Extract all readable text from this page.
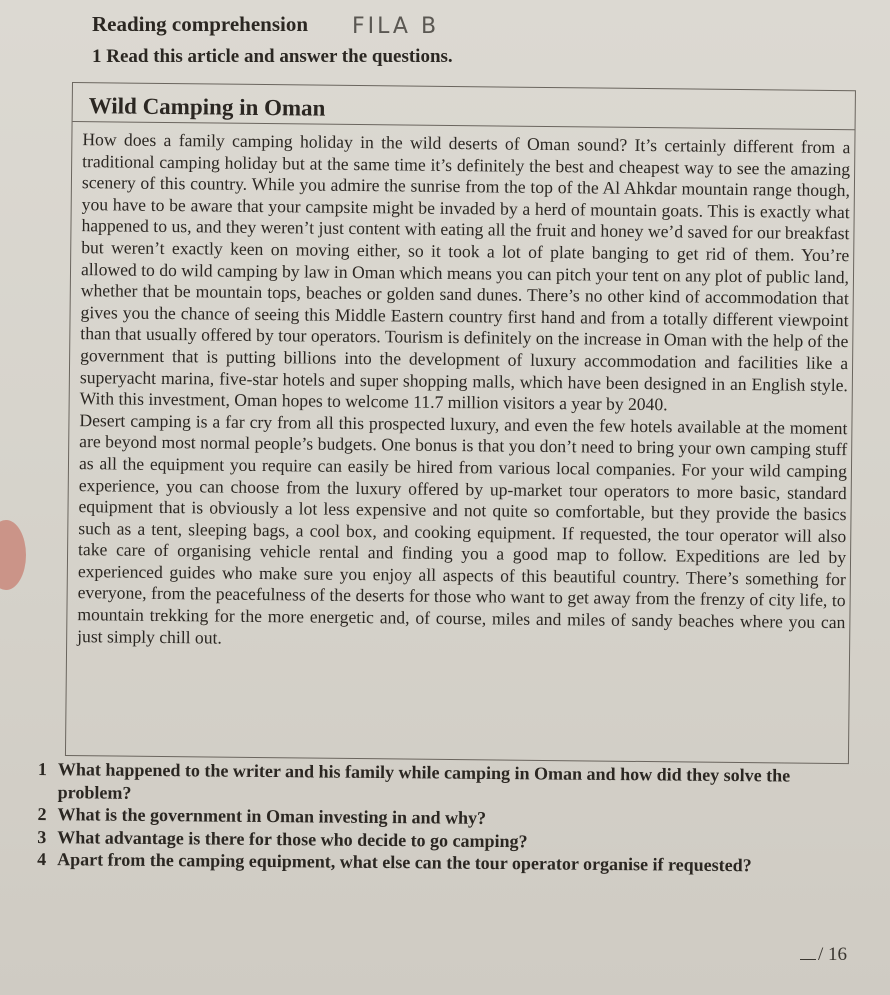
Reading comprehension FILA B
1 Read this article and answer the questions.
Wild Camping in Oman

How does a family camping holiday in the wild deserts of Oman sound? It’s certainly different from a traditional camping holiday but at the same time it’s definitely the best and cheapest way to see the amazing scenery of this country. While you admire the sunrise from the top of the Al Ahkdar mountain range though, you have to be aware that your campsite might be invaded by a herd of mountain goats. This is exactly what happened to us, and they weren’t just content with eating all the fruit and honey we’d saved for our breakfast but weren’t exactly keen on moving either, so it took a lot of plate banging to get rid of them. You’re allowed to do wild camping by law in Oman which means you can pitch your tent on any plot of public land, whether that be mountain tops, beaches or golden sand dunes. There’s no other kind of accommodation that gives you the chance of seeing this Middle Eastern country first hand and from a totally different viewpoint than that usually offered by tour operators. Tourism is definitely on the increase in Oman with the help of the government that is putting billions into the development of luxury accommodation and facilities like a superyacht marina, five-star hotels and super shopping malls, which have been designed in an English style. With this investment, Oman hopes to welcome 11.7 million visitors a year by 2040.

Desert camping is a far cry from all this prospected luxury, and even the few hotels available at the moment are beyond most normal people’s budgets. One bonus is that you don’t need to bring your own camping stuff as all the equipment you require can easily be hired from various local companies. For your wild camping experience, you can choose from the luxury offered by up-market tour operators to more basic, standard equipment that is obviously a lot less expensive and not quite so comfortable, but they provide the basics such as a tent, sleeping bags, a cool box, and cooking equipment. If requested, the tour operator will also take care of organising vehicle rental and finding you a good map to follow. Expeditions are led by experienced guides who make sure you enjoy all aspects of this beautiful country. There’s something for everyone, from the peacefulness of the deserts for those who want to get away from the frenzy of city life, to mountain trekking for the more energetic and, of course, miles and miles of sandy beaches where you can just simply chill out.

1 What happened to the writer and his family while camping in Oman and how did they solve the problem?
2 What is the government in Oman investing in and why?
3 What advantage is there for those who decide to go camping?
4 Apart from the camping equipment, what else can the tour operator organise if requested?
/ 16
